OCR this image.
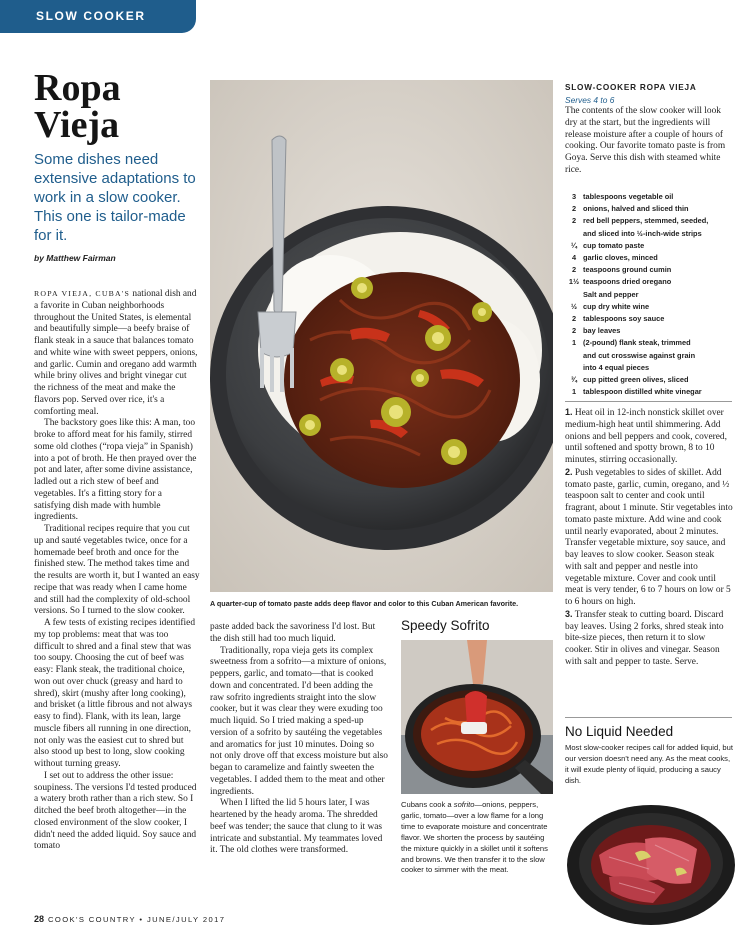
SLOW COOKER
Ropa
Vieja
Some dishes need extensive adaptations to work in a slow cooker. This one is tailor-made for it.
by Matthew Fairman

ROPA VIEJA, CUBA'S national dish and a favorite in Cuban neighborhoods throughout the United States, is elemental and beautifully simple—a beefy braise of flank steak in a sauce that balances tomato and white wine with sweet peppers, onions, and garlic. Cumin and oregano add warmth while briny olives and bright vinegar cut the richness of the meat and make the flavors pop. Served over rice, it's a comforting meal.

The backstory goes like this: A man, too broke to afford meat for his family, stirred some old clothes (“ropa vieja” in Spanish) into a pot of broth. He then prayed over the pot and later, after some divine assistance, ladled out a rich stew of beef and vegetables. It's a fitting story for a satisfying dish made with humble ingredients.

Traditional recipes require that you cut up and sauté vegetables twice, once for a homemade beef broth and once for the finished stew. The method takes time and the results are worth it, but I wanted an easy recipe that was ready when I came home and still had the complexity of old-school versions. So I turned to the slow cooker.

A few tests of existing recipes identified my top problems: meat that was too difficult to shred and a final stew that was too soupy. Choosing the cut of beef was easy: Flank steak, the traditional choice, won out over chuck (greasy and hard to shred), skirt (mushy after long cooking), and brisket (a little fibrous and not always easy to find). Flank, with its lean, large muscle fibers all running in one direction, not only was the easiest cut to shred but also stood up best to long, slow cooking without turning greasy.

I set out to address the other issue: soupiness. The versions I'd tested produced a watery broth rather than a rich stew. So I ditched the beef broth altogether—in the closed environment of the slow cooker, I didn't need the added liquid. Soy sauce and tomato

A quarter-cup of tomato paste adds deep flavor and color to this Cuban American favorite.

paste added back the savoriness I'd lost. But the dish still had too much liquid.

Traditionally, ropa vieja gets its complex sweetness from a sofrito—a mixture of onions, peppers, garlic, and tomato—that is cooked down and concentrated. I'd been adding the raw sofrito ingredients straight into the slow cooker, but it was clear they were exuding too much liquid. So I tried making a sped-up version of a sofrito by sautéing the vegetables and aromatics for just 10 minutes. Doing so not only drove off that excess moisture but also began to caramelize and faintly sweeten the vegetables. I added them to the meat and other ingredients.

When I lifted the lid 5 hours later, I was heartened by the heady aroma. The shredded beef was tender; the sauce that clung to it was intricate and substantial. My teammates loved it. The old clothes were transformed.

Speedy Sofrito
Cubans cook a sofrito—onions, peppers, garlic, tomato—over a low flame for a long time to evaporate moisture and concentrate flavor. We shorten the process by sautéing the mixture quickly in a skillet until it softens and browns. We then transfer it to the slow cooker to simmer with the meat.
SLOW-COOKER ROPA VIEJA
Serves 4 to 6
The contents of the slow cooker will look dry at the start, but the ingredients will release moisture after a couple of hours of cooking. Our favorite tomato paste is from Goya. Serve this dish with steamed white rice.
3 tablespoons vegetable oil
2 onions, halved and sliced thin
2 red bell peppers, stemmed, seeded,
and sliced into ½-inch-wide strips
¼ cup tomato paste
4 garlic cloves, minced
2 teaspoons ground cumin
1½ teaspoons dried oregano
Salt and pepper
½ cup dry white wine
2 tablespoons soy sauce
2 bay leaves
1 (2-pound) flank steak, trimmed
and cut crosswise against grain
into 4 equal pieces
¾ cup pitted green olives, sliced
1 tablespoon distilled white vinegar

1. Heat oil in 12-inch nonstick skillet over medium-high heat until shimmering. Add onions and bell peppers and cook, covered, until softened and spotty brown, 8 to 10 minutes, stirring occasionally.

2. Push vegetables to sides of skillet. Add tomato paste, garlic, cumin, oregano, and ½ teaspoon salt to center and cook until fragrant, about 1 minute. Stir vegetables into tomato paste mixture. Add wine and cook until nearly evaporated, about 2 minutes. Transfer vegetable mixture, soy sauce, and bay leaves to slow cooker. Season steak with salt and pepper and nestle into vegetable mixture. Cover and cook until meat is very tender, 6 to 7 hours on low or 5 to 6 hours on high.

3. Transfer steak to cutting board. Discard bay leaves. Using 2 forks, shred steak into bite-size pieces, then return it to slow cooker. Stir in olives and vinegar. Season with salt and pepper to taste. Serve.

No Liquid Needed
Most slow-cooker recipes call for added liquid, but our version doesn't need any. As the meat cooks, it will exude plenty of liquid, producing a saucy dish.
28 COOK'S COUNTRY • JUNE/JULY 2017
